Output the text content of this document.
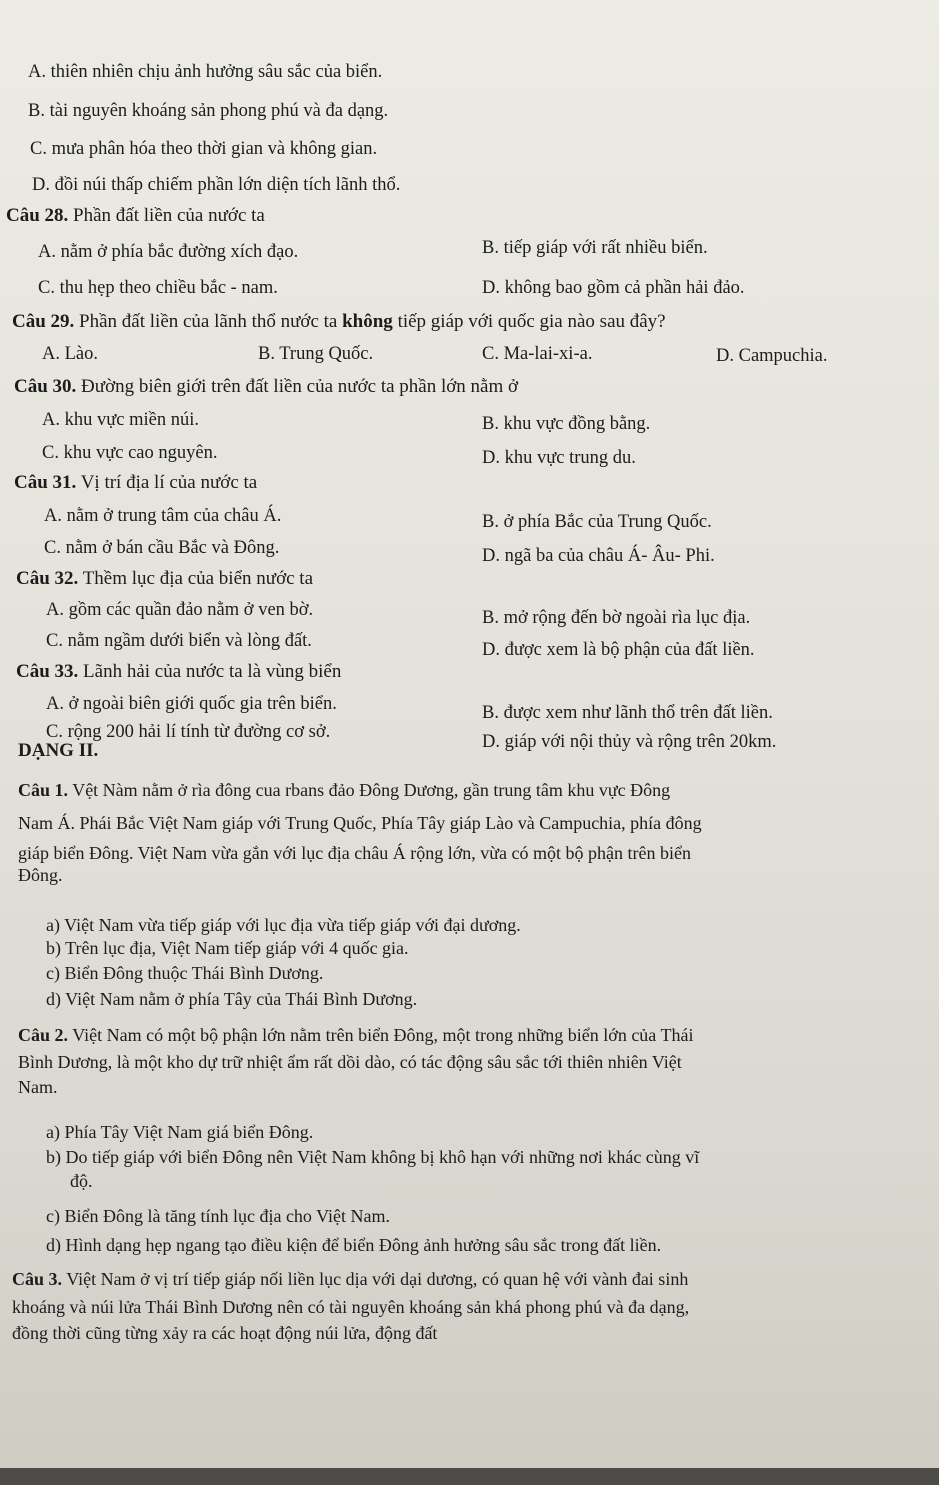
A. thiên nhiên chịu ảnh hưởng sâu sắc của biển.
B. tài nguyên khoáng sản phong phú và đa dạng.
C. mưa phân hóa theo thời gian và không gian.
D. đồi núi thấp chiếm phần lớn diện tích lãnh thổ.
Câu 28. Phần đất liền của nước ta
A. nằm ở phía bắc đường xích đạo.	B. tiếp giáp với rất nhiều biển.
C. thu hẹp theo chiều bắc - nam.	D. không bao gồm cả phần hải đảo.
Câu 29. Phần đất liền của lãnh thổ nước ta không tiếp giáp với quốc gia nào sau đây?
A. Lào.	B. Trung Quốc.	C. Ma-lai-xi-a.	D. Campuchia.
Câu 30. Đường biên giới trên đất liền của nước ta phần lớn nằm ở
A. khu vực miền núi.	B. khu vực đồng bằng.
C. khu vực cao nguyên.	D. khu vực trung du.
Câu 31. Vị trí địa lí của nước ta
A. nằm ở trung tâm của châu Á.	B. ở phía Bắc của Trung Quốc.
C. nằm ở bán cầu Bắc và Đông.	D. ngã ba của châu Á- Âu- Phi.
Câu 32. Thềm lục địa của biển nước ta
A. gồm các quần đảo nằm ở ven bờ.	B. mở rộng đến bờ ngoài rìa lục địa.
C. nằm ngầm dưới biển và lòng đất.	D. được xem là bộ phận của đất liền.
Câu 33. Lãnh hải của nước ta là vùng biển
A. ở ngoài biên giới quốc gia trên biển.	B. được xem như lãnh thổ trên đất liền.
C. rộng 200 hải lí tính từ đường cơ sở.	D. giáp với nội thủy và rộng trên 20km.
DẠNG II.
Câu 1. Vệt Nàm nằm ở rìa đông cua rbans đảo Đông Dương, gần trung tâm khu vực Đông
Nam Á. Phái Bắc Việt Nam giáp với Trung Quốc, Phía Tây giáp Lào và Campuchia, phía đông
giáp biển Đông. Việt Nam vừa gắn với lục địa châu Á rộng lớn, vừa có một bộ phận trên biển
Đông.
a) Việt Nam vừa tiếp giáp với lục địa vừa tiếp giáp với đại dương.
b) Trên lục địa, Việt Nam tiếp giáp với 4 quốc gia.
c) Biển Đông thuộc Thái Bình Dương.
d) Việt Nam nằm ở phía Tây của Thái Bình Dương.
Câu 2. Việt Nam có một bộ phận lớn nằm trên biển Đông, một trong những biển lớn của Thái
Bình Dương, là một kho dự trữ nhiệt ẩm rất dồi dào, có tác động sâu sắc tới thiên nhiên Việt
Nam.
a) Phía Tây Việt Nam giá biển Đông.
b) Do tiếp giáp với biển Đông nên Việt Nam không bị khô hạn với những nơi khác cùng vĩ
độ.
c) Biển Đông là tăng tính lục địa cho Việt Nam.
d) Hình dạng hẹp ngang tạo điều kiện để biển Đông ảnh hưởng sâu sắc trong đất liền.
Câu 3. Việt Nam ở vị trí tiếp giáp nối liền lục dịa với dại dương, có quan hệ với vành đai sinh
khoáng và núi lửa Thái Bình Dương nên có tài nguyên khoáng sản khá phong phú và đa dạng,
đồng thời cũng từng xảy ra các hoạt động núi lửa, động đất
